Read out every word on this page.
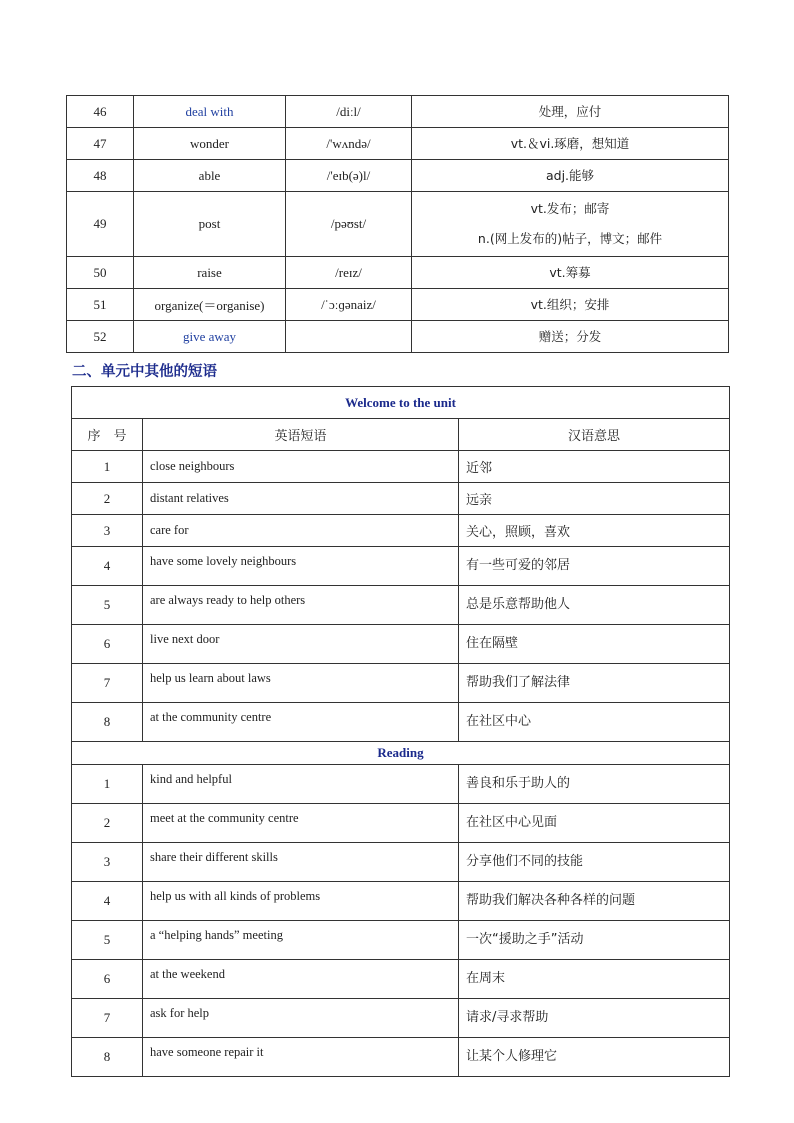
46	deal with	/diːl/	处理，应付

47	wonder	/'wʌndə/	vt.＆vi.琢磨，想知道

48	able	/'eɪb(ə)l/	adj.能够

49	post	/pəʊst/	vt.发布；邮寄
n.(网上发布的)帖子，博文；邮件

50	raise	/reɪz/	vt.筹募

51	organize(＝organise)	/ˈɔːɡənaiz/	vt.组织；安排

52	give away		赠送；分发
二、单元中其他的短语
Welcome to the unit		
序　号	英语短语	汉语意思
1	close neighbours	近邻
2	distant relatives	远亲
3	care for	关心，照顾，喜欢
4	have some lovely neighbours	有一些可爱的邻居
5	are always ready to help others	总是乐意帮助他人
6	live next door	住在隔壁
7	help us learn about laws	帮助我们了解法律
8	at the community centre	在社区中心
Reading		
1	kind and helpful	善良和乐于助人的
2	meet at the community centre	在社区中心见面
3	share their different skills	分享他们不同的技能
4	help us with all kinds of problems	帮助我们解决各种各样的问题
5	a “helping hands” meeting	一次“援助之手”活动
6	at the weekend	在周末
7	ask for help	请求/寻求帮助
8	have someone repair it	让某个人修理它
